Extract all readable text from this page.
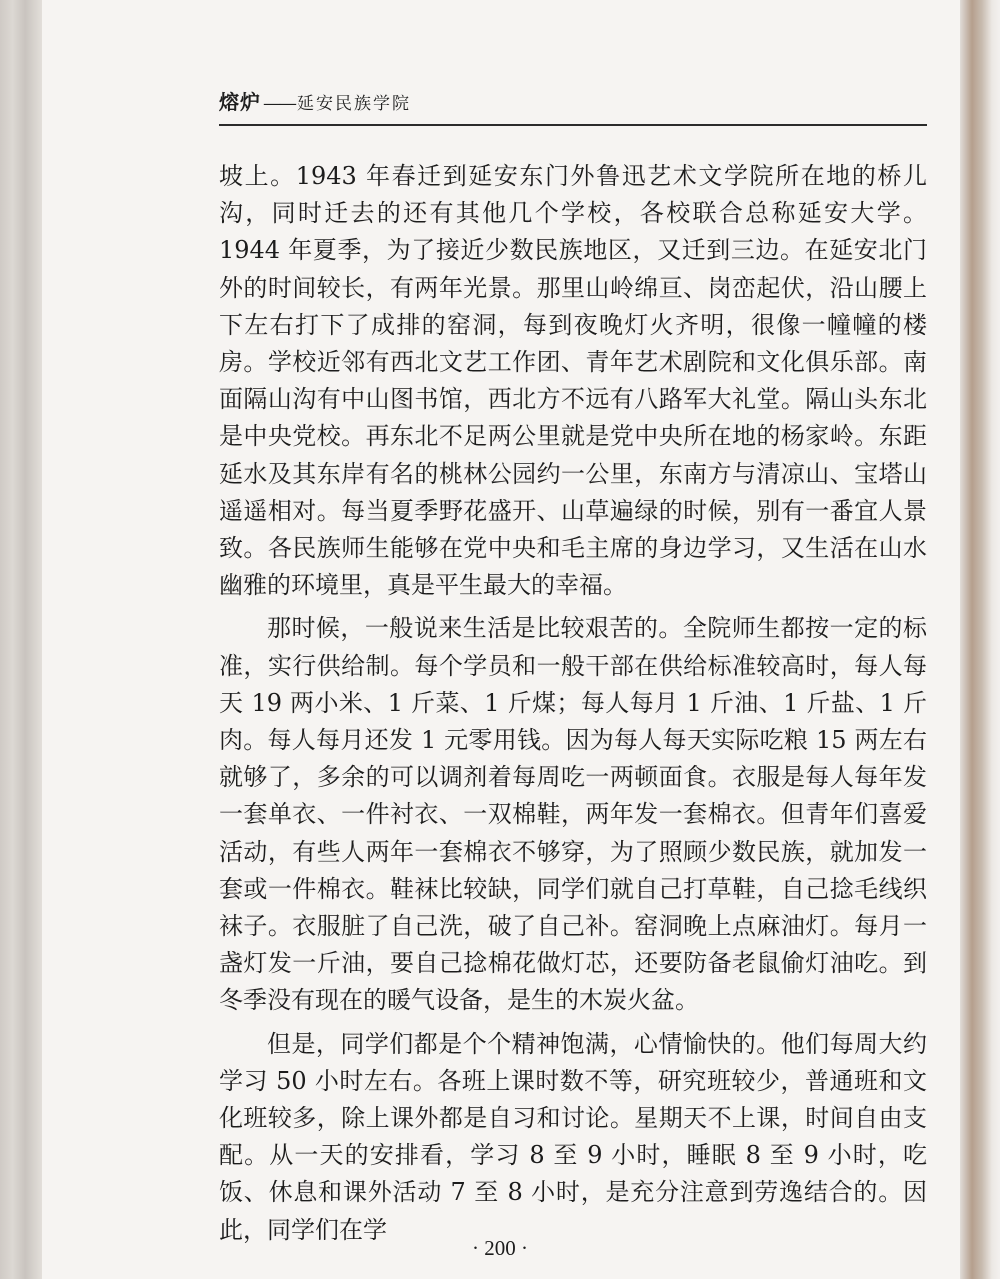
熔炉 —— 延安民族学院

坡上。1943 年春迁到延安东门外鲁迅艺术文学院所在地的桥儿沟，同时迁去的还有其他几个学校，各校联合总称延安大学。1944 年夏季，为了接近少数民族地区，又迁到三边。在延安北门外的时间较长，有两年光景。那里山岭绵亘、岗峦起伏，沿山腰上下左右打下了成排的窑洞，每到夜晚灯火齐明，很像一幢幢的楼房。学校近邻有西北文艺工作团、青年艺术剧院和文化俱乐部。南面隔山沟有中山图书馆，西北方不远有八路军大礼堂。隔山头东北是中央党校。再东北不足两公里就是党中央所在地的杨家岭。东距延水及其东岸有名的桃林公园约一公里，东南方与清凉山、宝塔山遥遥相对。每当夏季野花盛开、山草遍绿的时候，别有一番宜人景致。各民族师生能够在党中央和毛主席的身边学习，又生活在山水幽雅的环境里，真是平生最大的幸福。

那时候，一般说来生活是比较艰苦的。全院师生都按一定的标准，实行供给制。每个学员和一般干部在供给标准较高时，每人每天 19 两小米、1 斤菜、1 斤煤；每人每月 1 斤油、1 斤盐、1 斤肉。每人每月还发 1 元零用钱。因为每人每天实际吃粮 15 两左右就够了，多余的可以调剂着每周吃一两顿面食。衣服是每人每年发一套单衣、一件衬衣、一双棉鞋，两年发一套棉衣。但青年们喜爱活动，有些人两年一套棉衣不够穿，为了照顾少数民族，就加发一套或一件棉衣。鞋袜比较缺，同学们就自己打草鞋，自己捻毛线织袜子。衣服脏了自己洗，破了自己补。窑洞晚上点麻油灯。每月一盏灯发一斤油，要自己捻棉花做灯芯，还要防备老鼠偷灯油吃。到冬季没有现在的暖气设备，是生的木炭火盆。

但是，同学们都是个个精神饱满，心情愉快的。他们每周大约学习 50 小时左右。各班上课时数不等，研究班较少，普通班和文化班较多，除上课外都是自习和讨论。星期天不上课，时间自由支配。从一天的安排看，学习 8 至 9 小时，睡眠 8 至 9 小时，吃饭、休息和课外活动 7 至 8 小时，是充分注意到劳逸结合的。因此，同学们在学

· 200 ·
